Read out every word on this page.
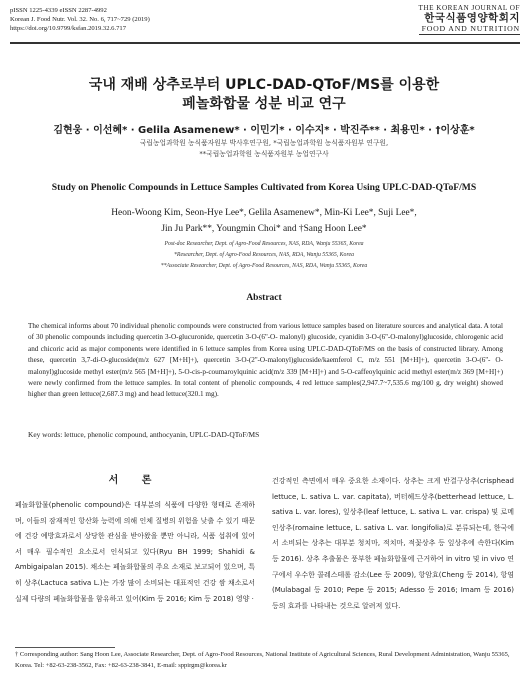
pISSN 1225-4339 eISSN 2287-4992
Korean J. Food Nutr. Vol. 32. No. 6, 717~729 (2019)
https://doi.org/10.9799/ksfan.2019.32.6.717
THE KOREAN JOURNAL OF
한국식품영양학회지
FOOD AND NUTRITION
국내 재배 상추로부터 UPLC-DAD-QToF/MS를 이용한
페놀화합물 성분 비교 연구
김현웅 · 이선혜* · Gelila Asamenew* · 이민기* · 이수지* · 박진주** · 최용민* · †이상훈*
국립농업과학원 농식품자원부 박사후연구원, *국립농업과학원 농식품자원부 연구원,
**국립농업과학원 농식품자원부 농업연구사
Study on Phenolic Compounds in Lettuce Samples Cultivated from Korea Using UPLC-DAD-QToF/MS
Heon-Woong Kim, Seon-Hye Lee*, Gelila Asamenew*, Min-Ki Lee*, Suji Lee*,
Jin Ju Park**, Youngmin Choi* and †Sang Hoon Lee*
Post-doc Researcher, Dept. of Agro-Food Resources, NAS, RDA, Wanju 55365, Korea
*Researcher, Dept. of Agro-Food Resources, NAS, RDA, Wanju 55365, Korea
**Associate Researcher, Dept. of Agro-Food Resources, NAS, RDA, Wanju 55365, Korea
Abstract
The chemical informs about 70 individual phenolic compounds were constructed from various lettuce samples based on literature sources and analytical data. A total of 30 phenolic compounds including quercetin 3-O-glucuronide, quercetin 3-O-(6''-O- malonyl) glucoside, cyanidin 3-O-(6''-O-malonyl)glucoside, chlorogenic acid and chicoric acid as major components were identified in 6 lettuce samples from Korea using UPLC-DAD-QToF/MS on the basis of constructed library. Among these, quercetin 3,7-di-O-glucoside(m/z 627 [M+H]+), quercetin 3-O-(2''-O-malonyl)glucoside/kaemferol C, m/z 551 [M+H]+), quercetin 3-O-(6''- O-malonyl)glucoside methyl ester(m/z 565 [M+H]+), 5-O-cis-p-coumaroylquinic acid(m/z 339 [M+H]+) and 5-O-caffeoylquinic acid methyl ester(m/z 369 [M+H]+) were newly confirmed from the lettuce samples. In total content of phenolic compounds, 4 red lettuce samples(2,947.7~7,535.6 mg/100 g, dry weight) showed higher than green lettuce(2,687.3 mg) and head lettuce(320.1 mg).
Key words: lettuce, phenolic compound, anthocyanin, UPLC-DAD-QToF/MS
서 론
페놀화합물(phenolic compound)은 대부분의 식품에 다양한 형태로 존재하며, 이들의 잠재적인 항산화 능력에 의해 인체 질병의 위험을 낮출 수 있기 때문에 건강 예방효과로서 상당한 관심을 받아왔을 뿐만 아니라, 식품 섭취에 있어서 매우 필수적인 요소로서 인식되고 있다(Ryu BH 1999; Shahidi & Ambigaipalan 2015). 채소는 페놀화합물의 주요 소재로 보고되어 있으며, 특히 상추(Lactuca sativa L.)는 가장 많이 소비되는 대표적인 건강 쌈 채소로서 실제 다량의 페놀화합물을 함유하고 있어(Kim 등 2016; Kim 등 2018) 영양 ·
건강적인 측면에서 매우 중요한 소재이다. 상추는 크게 반결구상추(crisphead lettuce, L. sativa L. var. capitata), 버터헤드상추(betterhead lettuce, L. sativa L. var. lores), 잎상추(leaf lettuce, L. sativa L. var. crispa) 및 로메인상추(romaine lettuce, L. sativa L. var. longifolia)로 분류되는데, 한국에서 소비되는 상추는 대부분 청치마, 적치마, 적꽃상추 등 잎상추에 속한다(Kim 등 2016). 상추 추출물은 풍부한 페놀화합물에 근거하여 in vitro 및 in vivo 연구에서 우수한 콜레스테롤 감소(Lee 등 2009), 항암효(Cheng 등 2014), 항염(Mulabagal 등 2010; Pepe 등 2015; Adesso 등 2016; Imam 등 2016) 등의 효과를 나타내는 것으로 알려져 있다.
† Corresponding author: Sang Hoon Lee, Associate Researcher, Dept. of Agro-Food Resources, National Institute of Agricultural Sciences, Rural Development Administration, Wanju 55365, Korea. Tel: +82-63-238-3562, Fax: +82-63-238-3841, E-mail: sppirgm@korea.kr
